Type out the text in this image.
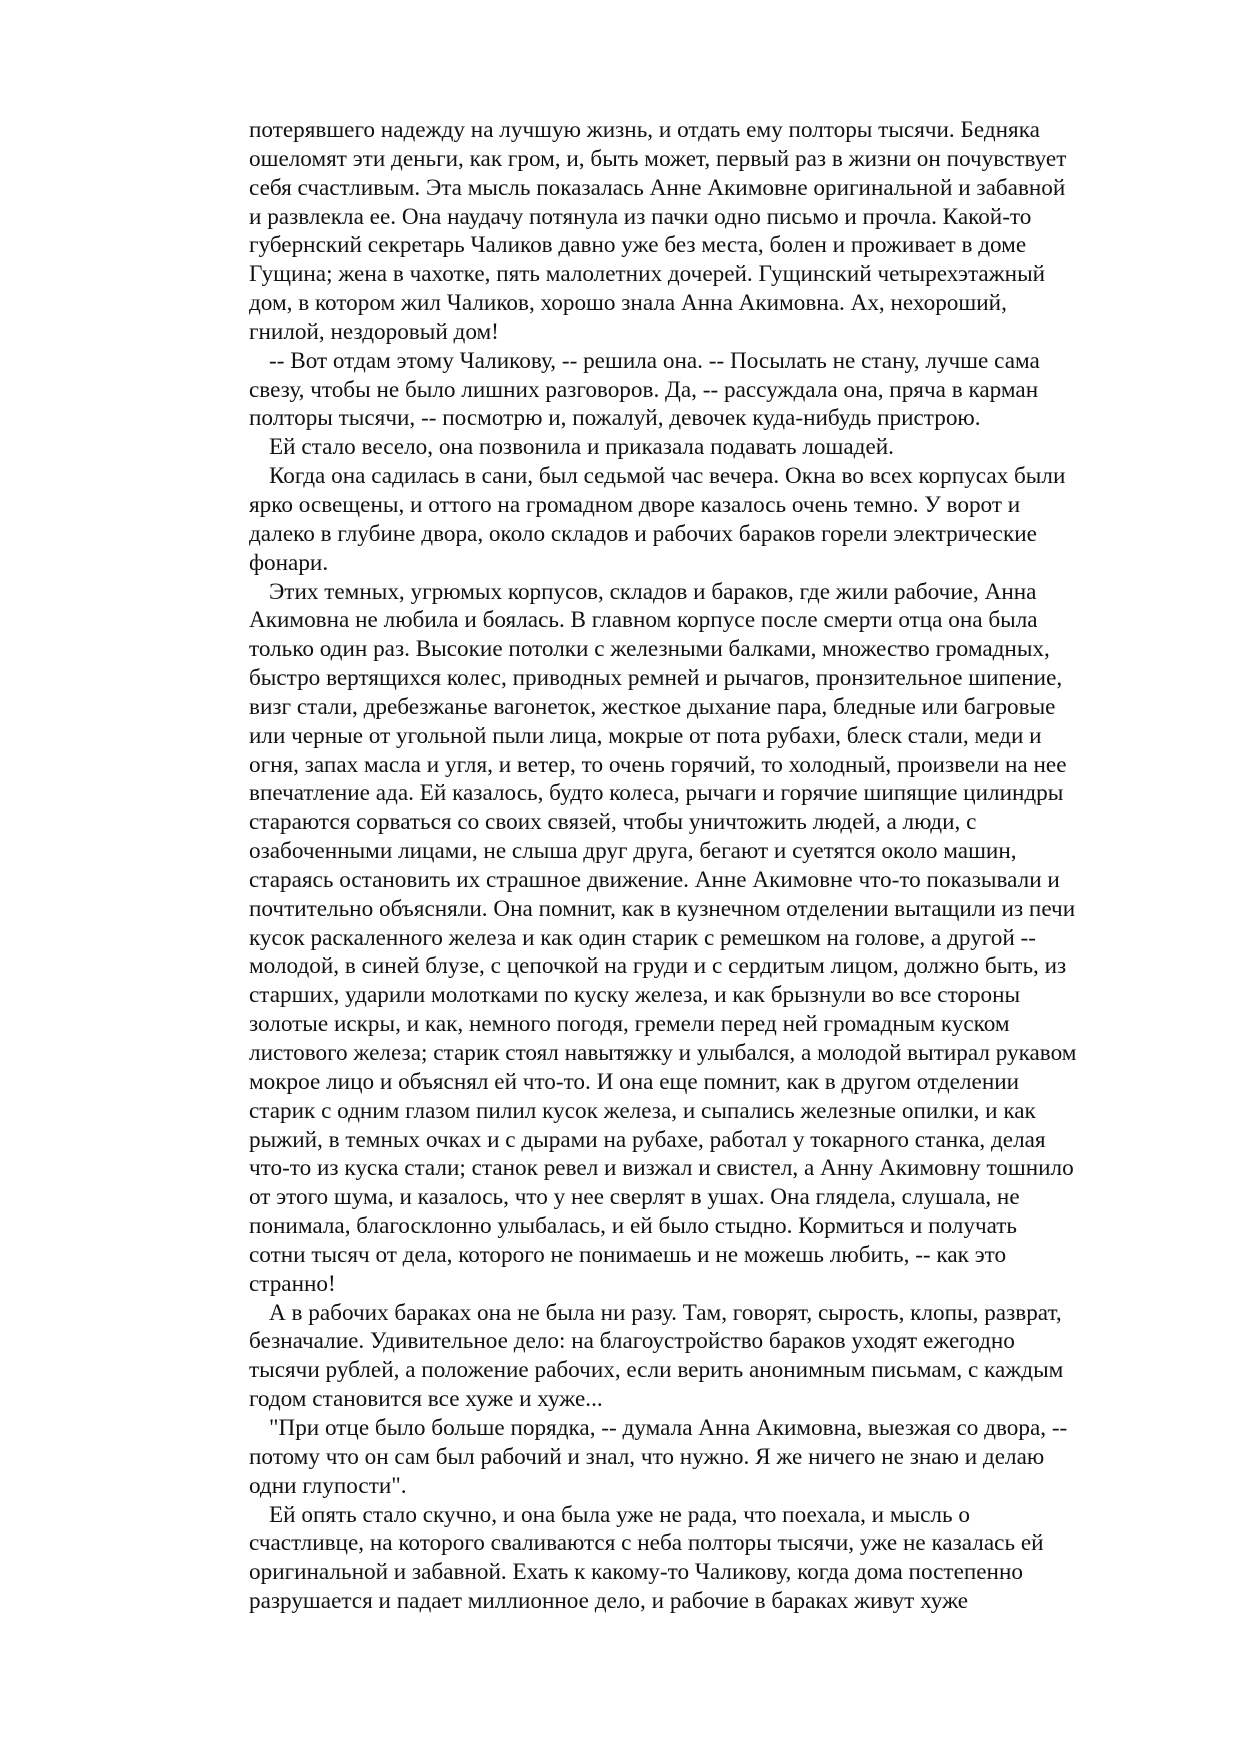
потерявшего надежду на лучшую жизнь, и отдать ему полторы тысячи. Бедняка
ошеломят эти деньги, как гром, и, быть может, первый раз в жизни он почувствует
себя счастливым. Эта мысль показалась Анне Акимовне оригинальной и забавной
и развлекла ее. Она наудачу потянула из пачки одно письмо и прочла. Какой-то
губернский секретарь Чаликов давно уже без места, болен и проживает в доме
Гущина; жена в чахотке, пять малолетних дочерей. Гущинский четырехэтажный
дом, в котором жил Чаликов, хорошо знала Анна Акимовна. Ах, нехороший,
гнилой, нездоровый дом!
-- Вот отдам этому Чаликову, -- решила она. -- Посылать не стану, лучше сама
свезу, чтобы не было лишних разговоров. Да, -- рассуждала она, пряча в карман
полторы тысячи, -- посмотрю и, пожалуй, девочек куда-нибудь пристрою.
Ей стало весело, она позвонила и приказала подавать лошадей.
Когда она садилась в сани, был седьмой час вечера. Окна во всех корпусах были
ярко освещены, и оттого на громадном дворе казалось очень темно. У ворот и
далеко в глубине двора, около складов и рабочих бараков горели электрические
фонари.
Этих темных, угрюмых корпусов, складов и бараков, где жили рабочие, Анна
Акимовна не любила и боялась. В главном корпусе после смерти отца она была
только один раз. Высокие потолки с железными балками, множество громадных,
быстро вертящихся колес, приводных ремней и рычагов, пронзительное шипение,
визг стали, дребезжанье вагонеток, жесткое дыхание пара, бледные или багровые
или черные от угольной пыли лица, мокрые от пота рубахи, блеск стали, меди и
огня, запах масла и угля, и ветер, то очень горячий, то холодный, произвели на нее
впечатление ада. Ей казалось, будто колеса, рычаги и горячие шипящие цилиндры
стараются сорваться со своих связей, чтобы уничтожить людей, а люди, с
озабоченными лицами, не слыша друг друга, бегают и суетятся около машин,
стараясь остановить их страшное движение. Анне Акимовне что-то показывали и
почтительно объясняли. Она помнит, как в кузнечном отделении вытащили из печи
кусок раскаленного железа и как один старик с ремешком на голове, а другой --
молодой, в синей блузе, с цепочкой на груди и с сердитым лицом, должно быть, из
старших, ударили молотками по куску железа, и как брызнули во все стороны
золотые искры, и как, немного погодя, гремели перед ней громадным куском
листового железа; старик стоял навытяжку и улыбался, а молодой вытирал рукавом
мокрое лицо и объяснял ей что-то. И она еще помнит, как в другом отделении
старик с одним глазом пилил кусок железа, и сыпались железные опилки, и как
рыжий, в темных очках и с дырами на рубахе, работал у токарного станка, делая
что-то из куска стали; станок ревел и визжал и свистел, а Анну Акимовну тошнило
от этого шума, и казалось, что у нее сверлят в ушах. Она глядела, слушала, не
понимала, благосклонно улыбалась, и ей было стыдно. Кормиться и получать
сотни тысяч от дела, которого не понимаешь и не можешь любить, -- как это
странно!
А в рабочих бараках она не была ни разу. Там, говорят, сырость, клопы, разврат,
безначалие. Удивительное дело: на благоустройство бараков уходят ежегодно
тысячи рублей, а положение рабочих, если верить анонимным письмам, с каждым
годом становится все хуже и хуже...
"При отце было больше порядка, -- думала Анна Акимовна, выезжая со двора, --
потому что он сам был рабочий и знал, что нужно. Я же ничего не знаю и делаю
одни глупости".
Ей опять стало скучно, и она была уже не рада, что поехала, и мысль о
счастливце, на которого сваливаются с неба полторы тысячи, уже не казалась ей
оригинальной и забавной. Ехать к какому-то Чаликову, когда дома постепенно
разрушается и падает миллионное дело, и рабочие в бараках живут хуже
